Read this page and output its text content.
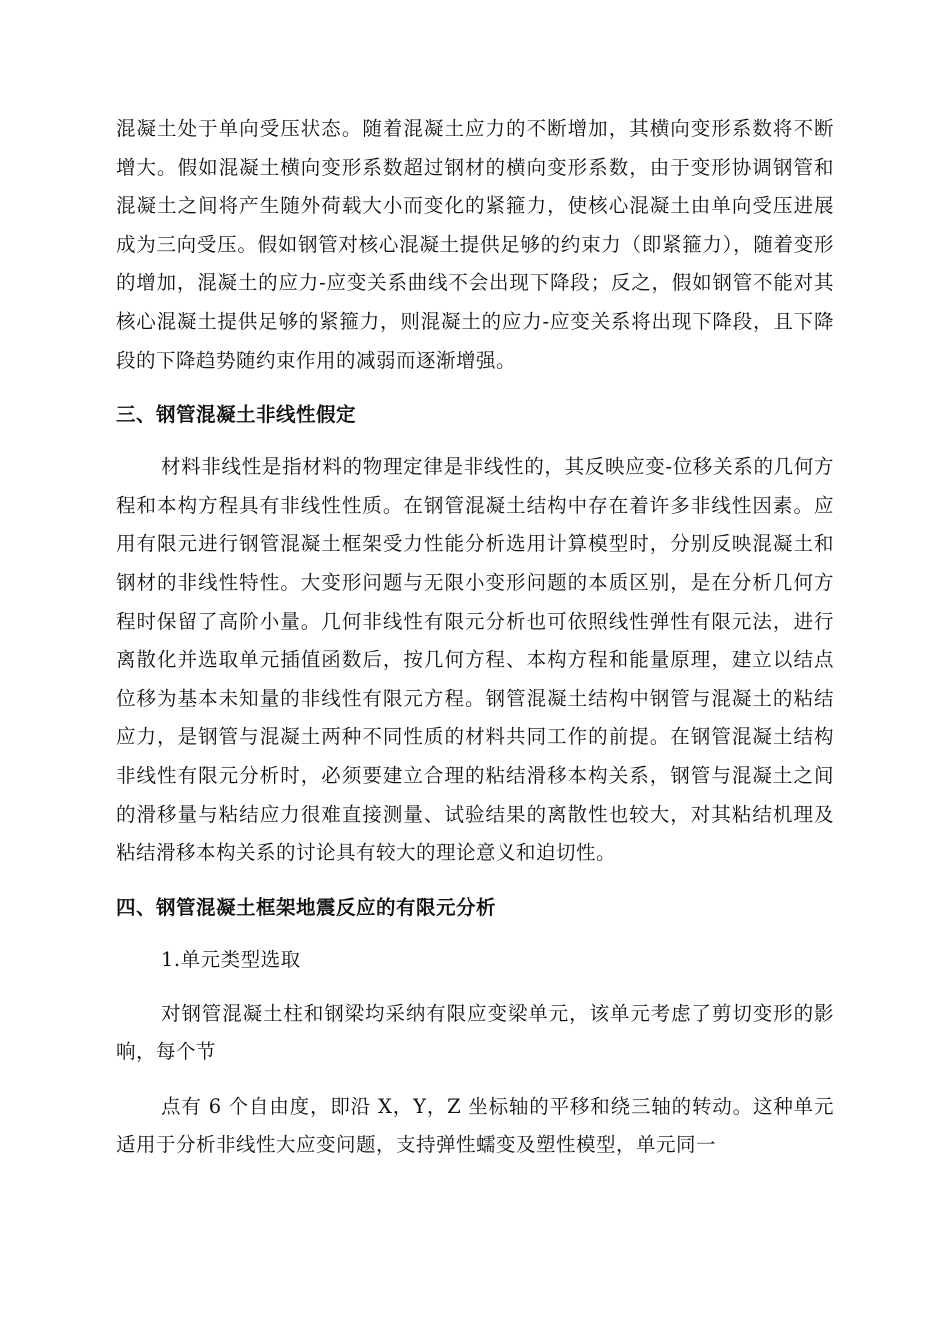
混凝土处于单向受压状态。随着混凝土应力的不断增加，其横向变形系数将不断增大。假如混凝土横向变形系数超过钢材的横向变形系数，由于变形协调钢管和混凝土之间将产生随外荷载大小而变化的紧箍力，使核心混凝土由单向受压进展成为三向受压。假如钢管对核心混凝土提供足够的约束力（即紧箍力），随着变形的增加，混凝土的应力-应变关系曲线不会出现下降段；反之，假如钢管不能对其核心混凝土提供足够的紧箍力，则混凝土的应力-应变关系将出现下降段，且下降段的下降趋势随约束作用的减弱而逐渐增强。

三、钢管混凝土非线性假定

材料非线性是指材料的物理定律是非线性的，其反映应变-位移关系的几何方程和本构方程具有非线性性质。在钢管混凝土结构中存在着许多非线性因素。应用有限元进行钢管混凝土框架受力性能分析选用计算模型时，分别反映混凝土和钢材的非线性特性。大变形问题与无限小变形问题的本质区别，是在分析几何方程时保留了高阶小量。几何非线性有限元分析也可依照线性弹性有限元法，进行离散化并选取单元插值函数后，按几何方程、本构方程和能量原理，建立以结点位移为基本未知量的非线性有限元方程。钢管混凝土结构中钢管与混凝土的粘结应力，是钢管与混凝土两种不同性质的材料共同工作的前提。在钢管混凝土结构非线性有限元分析时，必须要建立合理的粘结滑移本构关系，钢管与混凝土之间的滑移量与粘结应力很难直接测量、试验结果的离散性也较大，对其粘结机理及粘结滑移本构关系的讨论具有较大的理论意义和迫切性。

四、钢管混凝土框架地震反应的有限元分析

1.单元类型选取

对钢管混凝土柱和钢梁均采纳有限应变梁单元，该单元考虑了剪切变形的影响，每个节

点有 6 个自由度，即沿 X，Y，Z 坐标轴的平移和绕三轴的转动。这种单元适用于分析非线性大应变问题，支持弹性蠕变及塑性模型，单元同一
